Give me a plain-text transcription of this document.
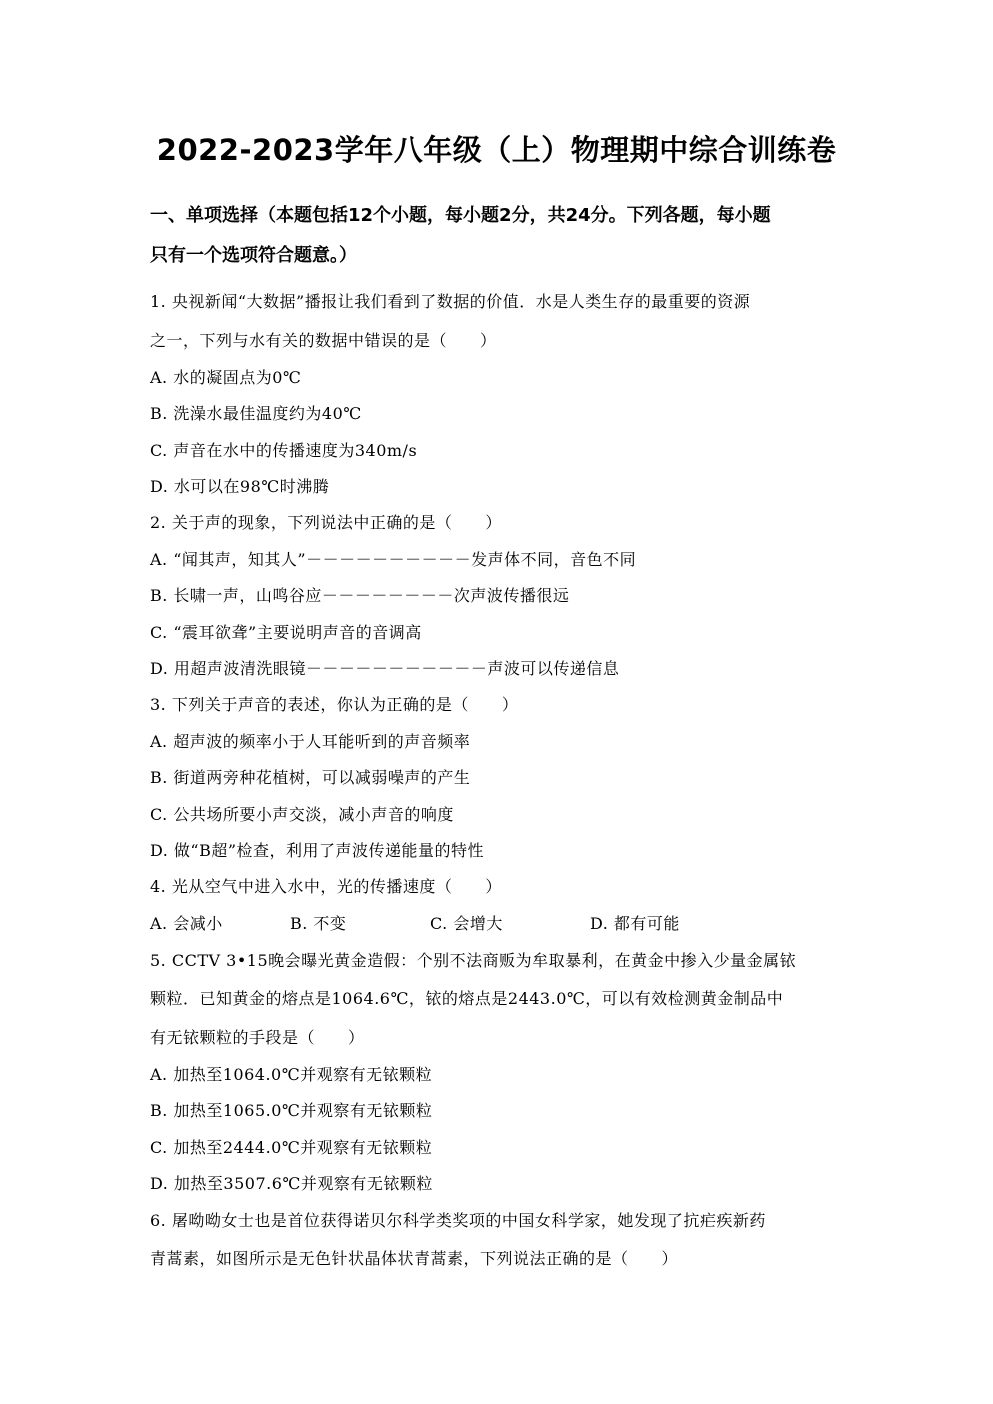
2022-2023学年八年级（上）物理期中综合训练卷
一、单项选择（本题包括12个小题，每小题2分，共24分。下列各题，每小题
只有一个选项符合题意。）
1. 央视新闻“大数据”播报让我们看到了数据的价值．水是人类生存的最重要的资源
之一，下列与水有关的数据中错误的是（　　）
A. 水的凝固点为0℃
B. 洗澡水最佳温度约为40℃
C. 声音在水中的传播速度为340m/s
D. 水可以在98℃时沸腾
2. 关于声的现象，下列说法中正确的是（　　）
A. “闻其声，知其人”－－－－－－－－－－发声体不同，音色不同
B. 长啸一声，山鸣谷应－－－－－－－－次声波传播很远
C. “震耳欲聋”主要说明声音的音调高
D. 用超声波清洗眼镜－－－－－－－－－－－声波可以传递信息
3. 下列关于声音的表述，你认为正确的是（　　）
A. 超声波的频率小于人耳能听到的声音频率
B. 街道两旁种花植树，可以减弱噪声的产生
C. 公共场所要小声交淡，减小声音的响度
D. 做“B超”检查，利用了声波传递能量的特性
4. 光从空气中进入水中，光的传播速度（　　）
A. 会减小	B. 不变	C. 会增大	D. 都有可能
5. CCTV 3•15晚会曝光黄金造假：个别不法商贩为牟取暴利，在黄金中掺入少量金属铱
颗粒．已知黄金的熔点是1064.6℃，铱的熔点是2443.0℃，可以有效检测黄金制品中
有无铱颗粒的手段是（　　）
A. 加热至1064.0℃并观察有无铱颗粒
B. 加热至1065.0℃并观察有无铱颗粒
C. 加热至2444.0℃并观察有无铱颗粒
D. 加热至3507.6℃并观察有无铱颗粒
6. 屠呦呦女士也是首位获得诺贝尔科学类奖项的中国女科学家，她发现了抗疟疾新药
青蒿素，如图所示是无色针状晶体状青蒿素，下列说法正确的是（　　）
